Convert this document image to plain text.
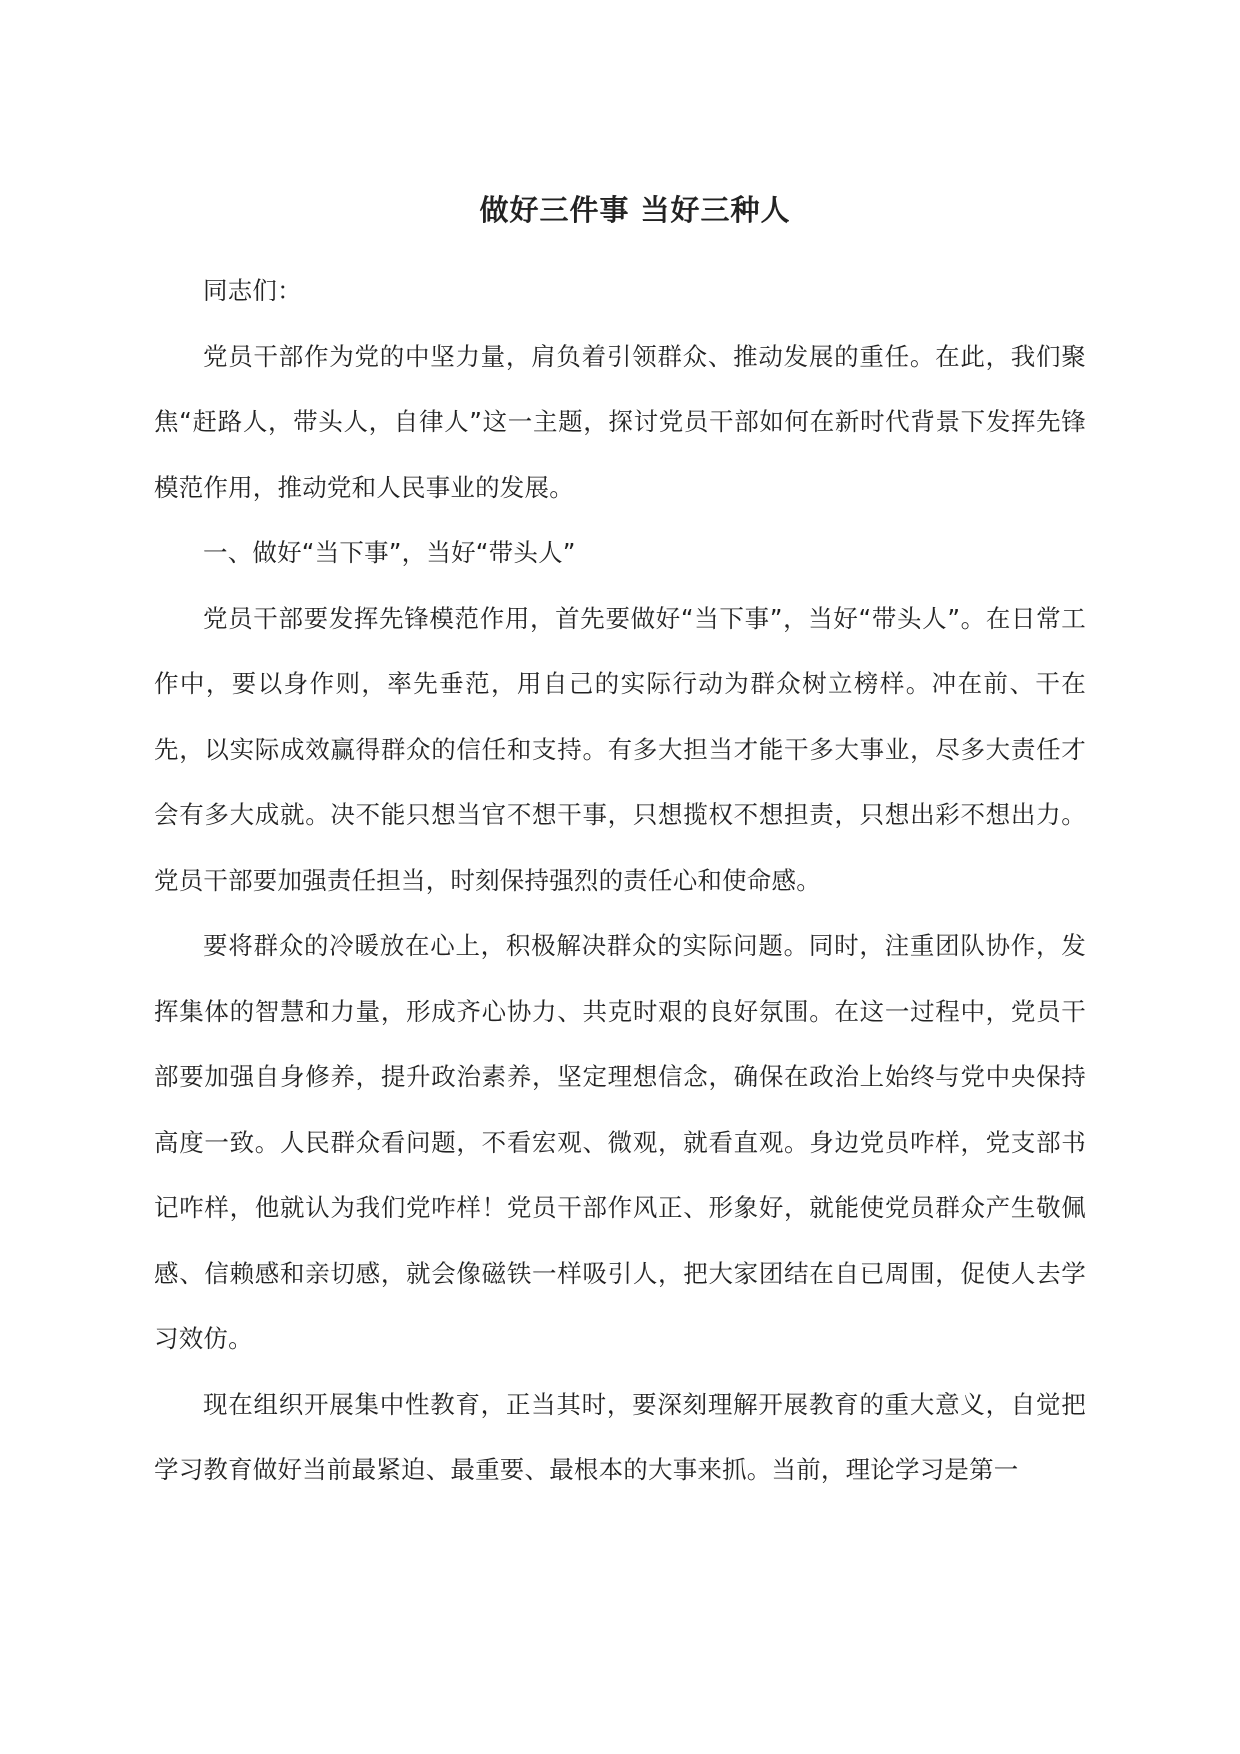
做好三件事 当好三种人

同志们：

党员干部作为党的中坚力量，肩负着引领群众、推动发展的重任。在此，我们聚焦“赶路人，带头人，自律人”这一主题，探讨党员干部如何在新时代背景下发挥先锋模范作用，推动党和人民事业的发展。

一、做好“当下事”，当好“带头人”

党员干部要发挥先锋模范作用，首先要做好“当下事”，当好“带头人”。在日常工作中，要以身作则，率先垂范，用自己的实际行动为群众树立榜样。冲在前、干在先，以实际成效赢得群众的信任和支持。有多大担当才能干多大事业，尽多大责任才会有多大成就。决不能只想当官不想干事，只想揽权不想担责，只想出彩不想出力。党员干部要加强责任担当，时刻保持强烈的责任心和使命感。

要将群众的冷暖放在心上，积极解决群众的实际问题。同时，注重团队协作，发挥集体的智慧和力量，形成齐心协力、共克时艰的良好氛围。在这一过程中，党员干部要加强自身修养，提升政治素养，坚定理想信念，确保在政治上始终与党中央保持高度一致。人民群众看问题，不看宏观、微观，就看直观。身边党员咋样，党支部书记咋样，他就认为我们党咋样！党员干部作风正、形象好，就能使党员群众产生敬佩感、信赖感和亲切感，就会像磁铁一样吸引人，把大家团结在自已周围，促使人去学习效仿。

现在组织开展集中性教育，正当其时，要深刻理解开展教育的重大意义，自觉把学习教育做好当前最紧迫、最重要、最根本的大事来抓。当前，理论学习是第一
